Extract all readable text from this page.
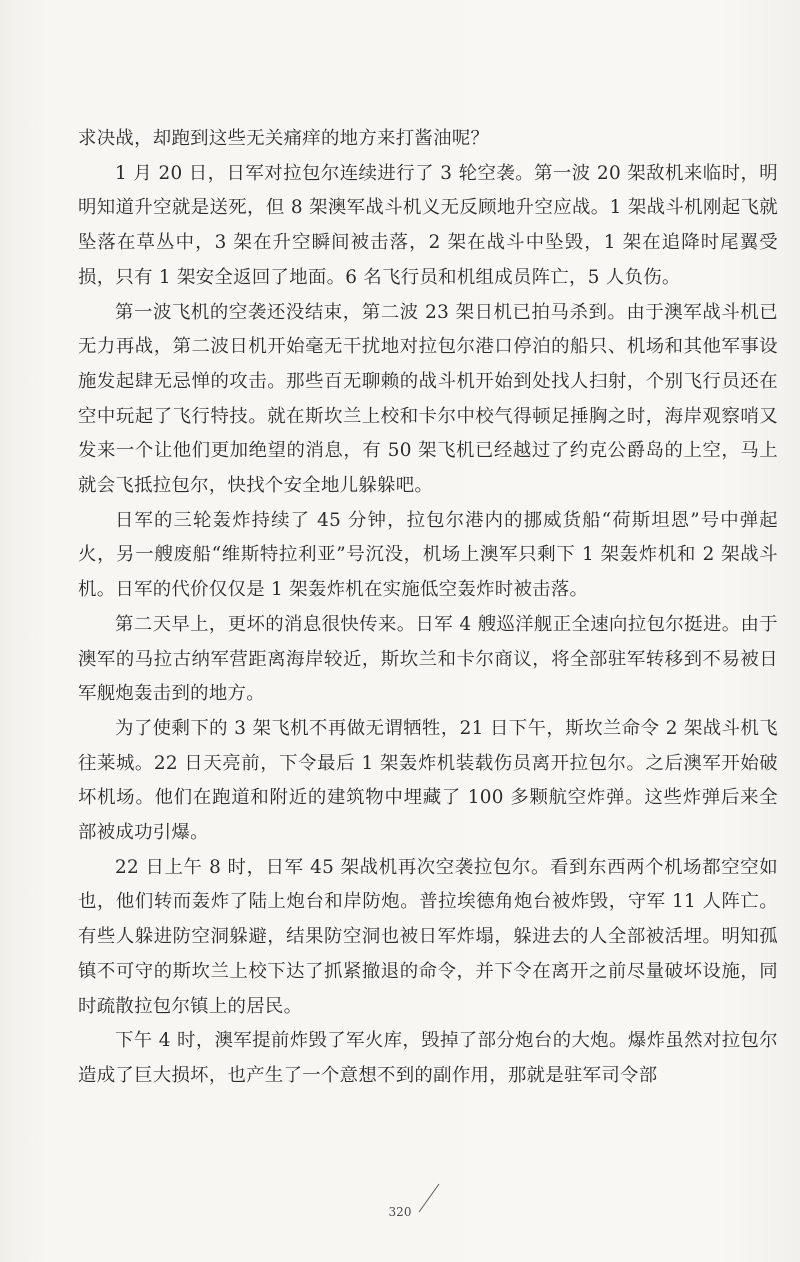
求决战，却跑到这些无关痛痒的地方来打酱油呢？

1 月 20 日，日军对拉包尔连续进行了 3 轮空袭。第一波 20 架敌机来临时，明明知道升空就是送死，但 8 架澳军战斗机义无反顾地升空应战。1 架战斗机刚起飞就坠落在草丛中，3 架在升空瞬间被击落，2 架在战斗中坠毁，1 架在追降时尾翼受损，只有 1 架安全返回了地面。6 名飞行员和机组成员阵亡，5 人负伤。

第一波飞机的空袭还没结束，第二波 23 架日机已拍马杀到。由于澳军战斗机已无力再战，第二波日机开始毫无干扰地对拉包尔港口停泊的船只、机场和其他军事设施发起肆无忌惮的攻击。那些百无聊赖的战斗机开始到处找人扫射，个别飞行员还在空中玩起了飞行特技。就在斯坎兰上校和卡尔中校气得顿足捶胸之时，海岸观察哨又发来一个让他们更加绝望的消息，有 50 架飞机已经越过了约克公爵岛的上空，马上就会飞抵拉包尔，快找个安全地儿躲躲吧。

日军的三轮轰炸持续了 45 分钟，拉包尔港内的挪威货船“荷斯坦恩”号中弹起火，另一艘废船“维斯特拉利亚”号沉没，机场上澳军只剩下 1 架轰炸机和 2 架战斗机。日军的代价仅仅是 1 架轰炸机在实施低空轰炸时被击落。

第二天早上，更坏的消息很快传来。日军 4 艘巡洋舰正全速向拉包尔挺进。由于澳军的马拉古纳军营距离海岸较近，斯坎兰和卡尔商议，将全部驻军转移到不易被日军舰炮轰击到的地方。

为了使剩下的 3 架飞机不再做无谓牺牲，21 日下午，斯坎兰命令 2 架战斗机飞往莱城。22 日天亮前，下令最后 1 架轰炸机装载伤员离开拉包尔。之后澳军开始破坏机场。他们在跑道和附近的建筑物中埋藏了 100 多颗航空炸弹。这些炸弹后来全部被成功引爆。

22 日上午 8 时，日军 45 架战机再次空袭拉包尔。看到东西两个机场都空空如也，他们转而轰炸了陆上炮台和岸防炮。普拉埃德角炮台被炸毁，守军 11 人阵亡。有些人躲进防空洞躲避，结果防空洞也被日军炸塌，躲进去的人全部被活埋。明知孤镇不可守的斯坎兰上校下达了抓紧撤退的命令，并下令在离开之前尽量破坏设施，同时疏散拉包尔镇上的居民。

下午 4 时，澳军提前炸毁了军火库，毁掉了部分炮台的大炮。爆炸虽然对拉包尔造成了巨大损坏，也产生了一个意想不到的副作用，那就是驻军司令部

320
